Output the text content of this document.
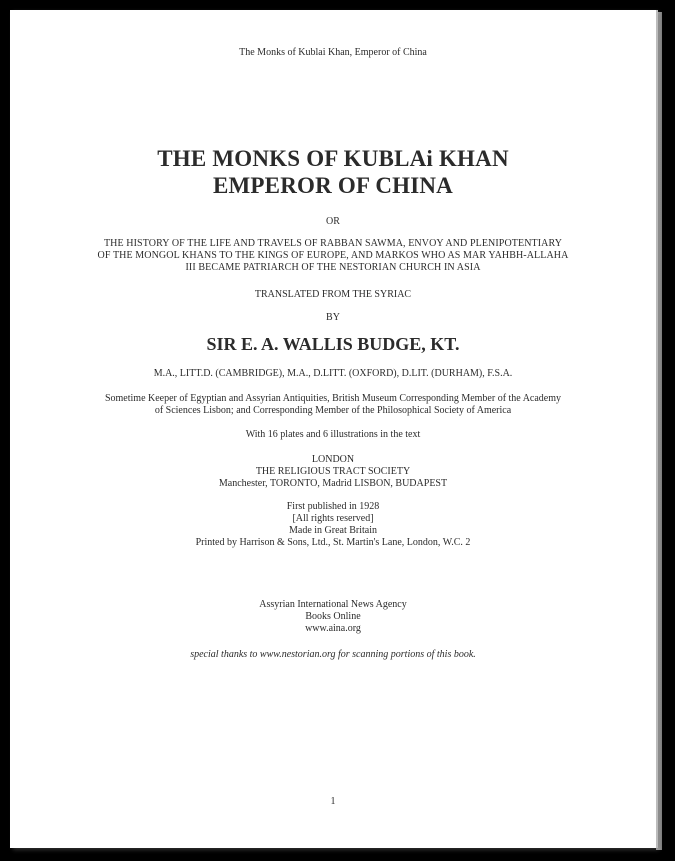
The Monks of Kublai Khan, Emperor of China
THE MONKS OF KUBLAi KHAN
EMPEROR OF CHINA
OR
THE HISTORY OF THE LIFE AND TRAVELS OF RABBAN SAWMA, ENVOY AND PLENIPOTENTIARY
OF THE MONGOL KHANS TO THE KINGS OF EUROPE, AND MARKOS WHO AS MAR YAHBH-ALLAHA
III BECAME PATRIARCH OF THE NESTORIAN CHURCH IN ASIA
TRANSLATED FROM THE SYRIAC
BY
SIR E. A. WALLIS BUDGE, KT.
M.A., LITT.D. (CAMBRIDGE), M.A., D.LITT. (OXFORD), D.LIT. (DURHAM), F.S.A.
Sometime Keeper of Egyptian and Assyrian Antiquities, British Museum Corresponding Member of the Academy
of Sciences Lisbon; and Corresponding Member of the Philosophical Society of America
With 16 plates and 6 illustrations in the text
LONDON
THE RELIGIOUS TRACT SOCIETY
Manchester, TORONTO, Madrid LISBON, BUDAPEST
First published in 1928
[All rights reserved]
Made in Great Britain
Printed by Harrison & Sons, Ltd., St. Martin's Lane, London, W.C. 2
Assyrian International News Agency
Books Online
www.aina.org
special thanks to www.nestorian.org for scanning portions of this book.
1
